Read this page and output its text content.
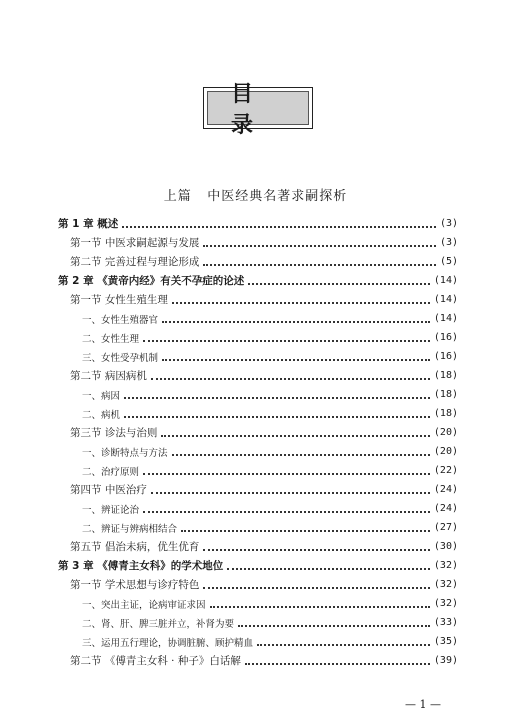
目 录
上篇   中医经典名著求嗣探析
第 1 章 概述	(3)
第一节 中医求嗣起源与发展	(3)
第二节 完善过程与理论形成	(5)
第 2 章 《黄帝内经》有关不孕症的论述	(14)
第一节 女性生殖生理	(14)
一、女性生殖器官	(14)
二、女性生理	(16)
三、女性受孕机制	(16)
第二节 病因病机	(18)
一、病因	(18)
二、病机	(18)
第三节 诊法与治则	(20)
一、诊断特点与方法	(20)
二、治疗原则	(22)
第四节 中医治疗	(24)
一、辨证论治	(24)
二、辨证与辨病相结合	(27)
第五节 倡治未病，优生优育	(30)
第 3 章 《傅青主女科》的学术地位	(32)
第一节 学术思想与诊疗特色	(32)
一、突出主证，论病审证求因	(32)
二、肾、肝、脾三脏并立，补肾为要	(33)
三、运用五行理论，协调脏腑、顾护精血	(35)
第二节 《傅青主女科 · 种子》白话解	(39)
— 1 —
